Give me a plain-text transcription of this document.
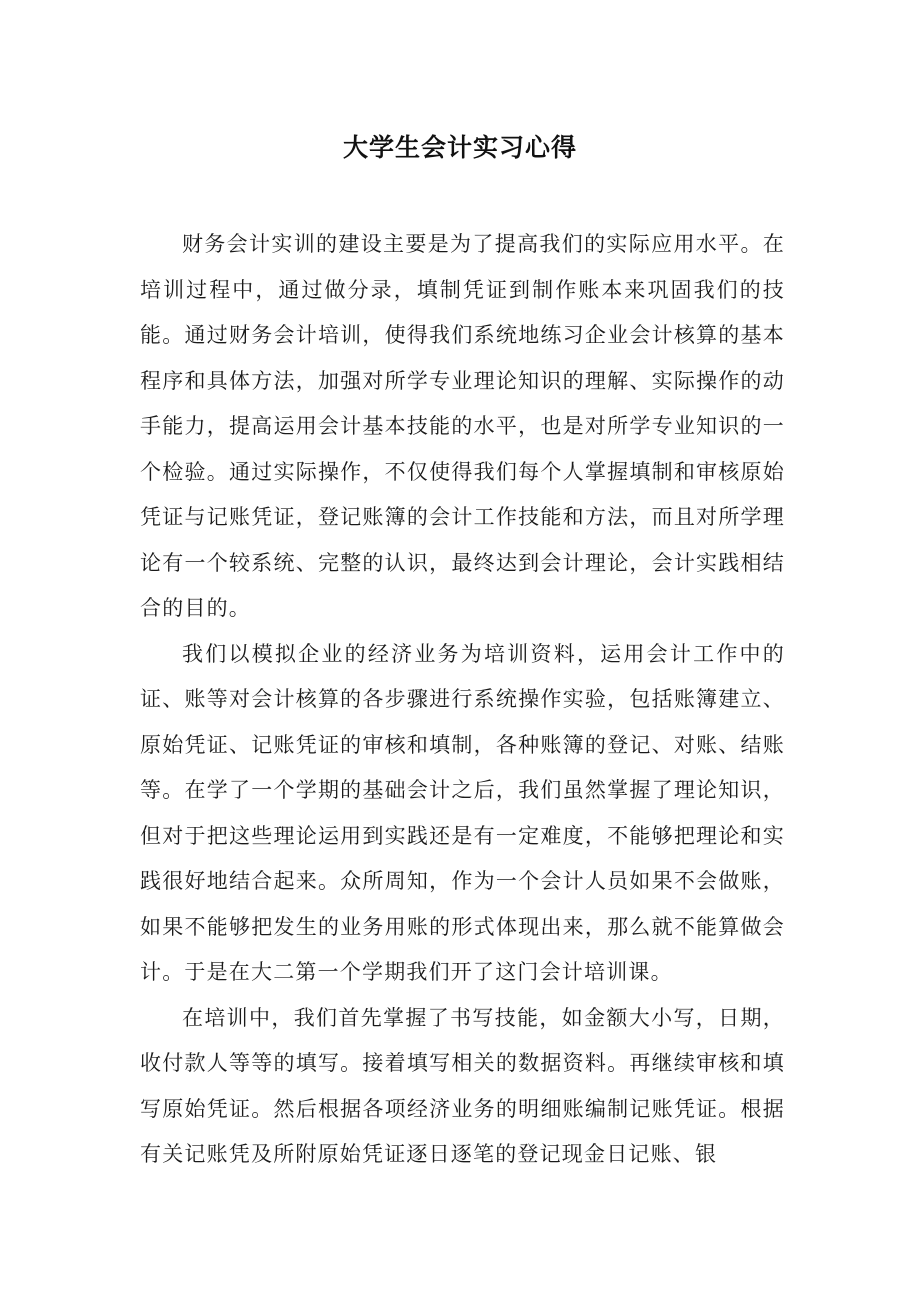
大学生会计实习心得

财务会计实训的建设主要是为了提高我们的实际应用水平。在培训过程中，通过做分录，填制凭证到制作账本来巩固我们的技能。通过财务会计培训，使得我们系统地练习企业会计核算的基本程序和具体方法，加强对所学专业理论知识的理解、实际操作的动手能力，提高运用会计基本技能的水平，也是对所学专业知识的一个检验。通过实际操作，不仅使得我们每个人掌握填制和审核原始凭证与记账凭证，登记账簿的会计工作技能和方法，而且对所学理论有一个较系统、完整的认识，最终达到会计理论，会计实践相结合的目的。

我们以模拟企业的经济业务为培训资料，运用会计工作中的证、账等对会计核算的各步骤进行系统操作实验，包括账簿建立、原始凭证、记账凭证的审核和填制，各种账簿的登记、对账、结账等。在学了一个学期的基础会计之后，我们虽然掌握了理论知识，但对于把这些理论运用到实践还是有一定难度，不能够把理论和实践很好地结合起来。众所周知，作为一个会计人员如果不会做账，如果不能够把发生的业务用账的形式体现出来，那么就不能算做会计。于是在大二第一个学期我们开了这门会计培训课。

在培训中，我们首先掌握了书写技能，如金额大小写，日期，收付款人等等的填写。接着填写相关的数据资料。再继续审核和填写原始凭证。然后根据各项经济业务的明细账编制记账凭证。根据有关记账凭及所附原始凭证逐日逐笔的登记现金日记账、银
